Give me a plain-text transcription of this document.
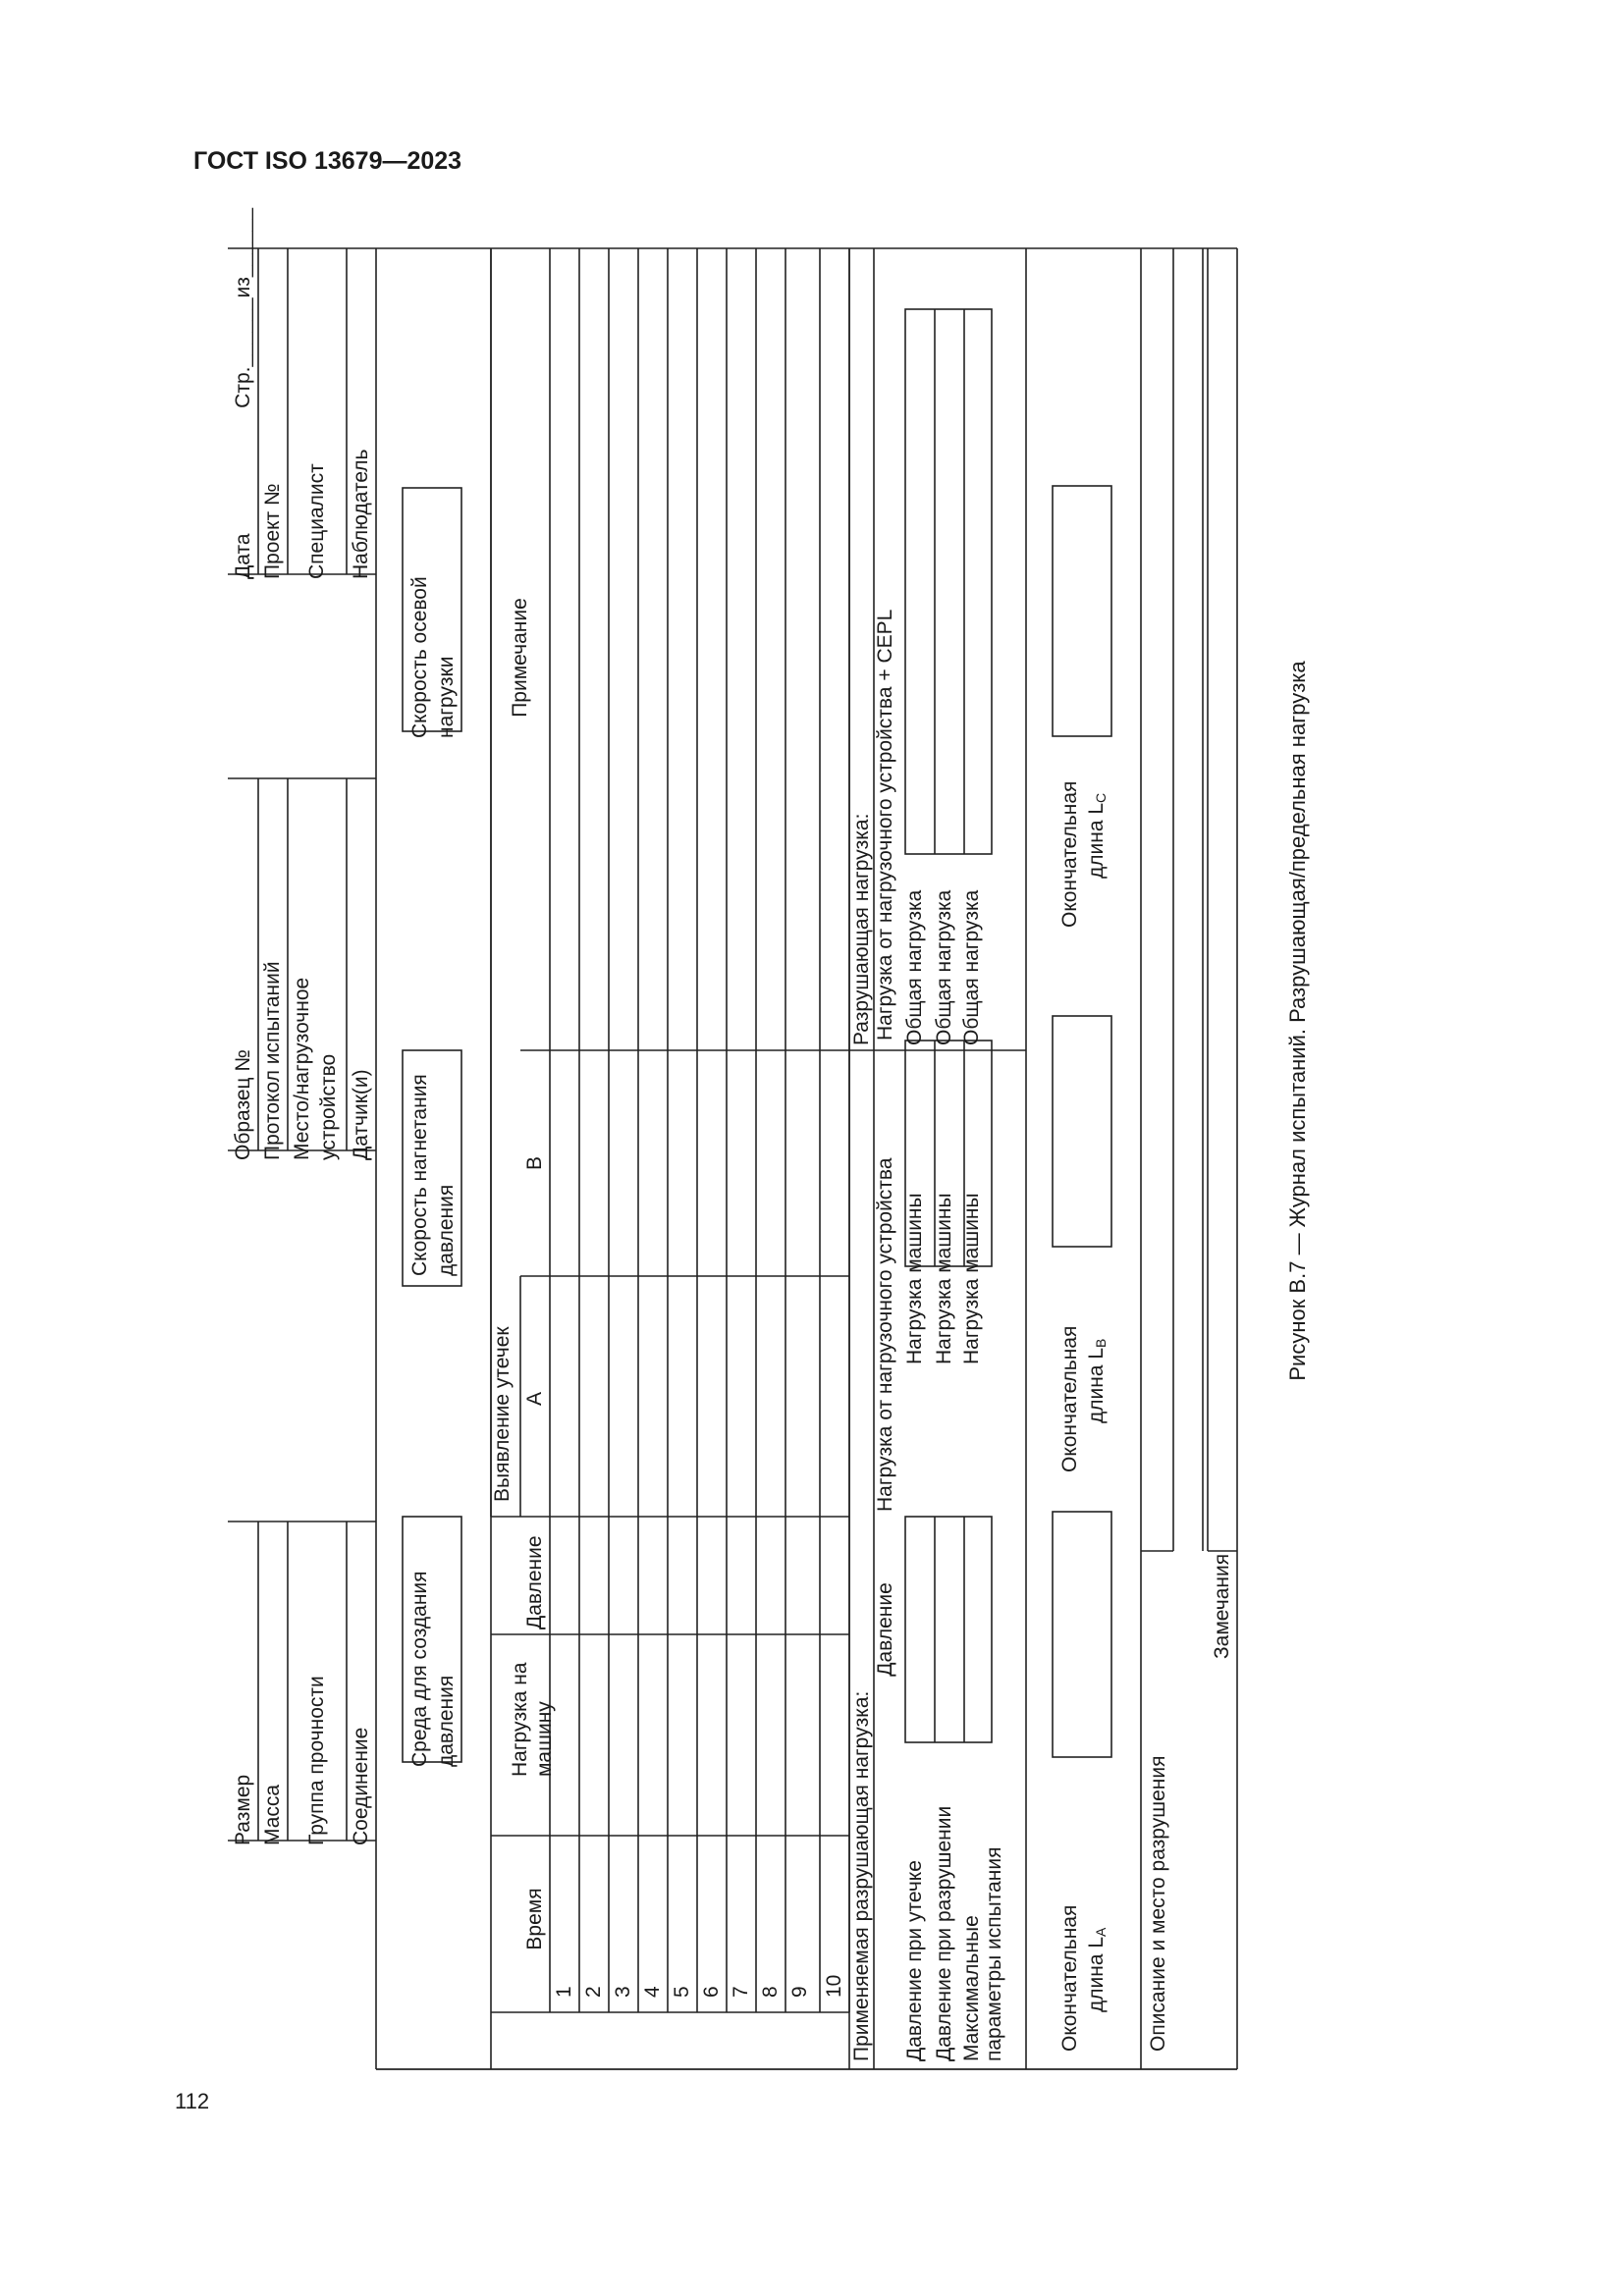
ГОСТ ISO 13679—2023
112
Рисунок В.7 — Журнал испытаний. Разрушающая/предельная нагрузка
Стр.______из______
Размер Масса Группа прочности Соединение
Образец № Протокол испытаний Место/нагрузочное устройство Датчик(и)
Дата Проект № Специалист Наблюдатель
Среда для создания давления
Скорость нагнетания давления
Скорость осевой нагрузки
Время
Нагрузка на машину
Давление
Выявление утечек A
B
Примечание
1 2 3 4 5 6 7 8 9 10 Применяемая разрушающая нагрузка:
Разрушающая нагрузка:
Давление
Нагрузка от нагрузочного устройства
Нагрузка от нагрузочного устройства + CEPL
Давление при утечке Давление при разрушении Максимальные параметры испытания
Нагрузка машины
Общая нагрузка
Нагрузка машины
Общая нагрузка
Нагрузка машины
Общая нагрузка
Окончательная длина $L_A$
Окончательная длина $L_B$
Окончательная длина $L_C$
Описание и место разрушения
Замечания
